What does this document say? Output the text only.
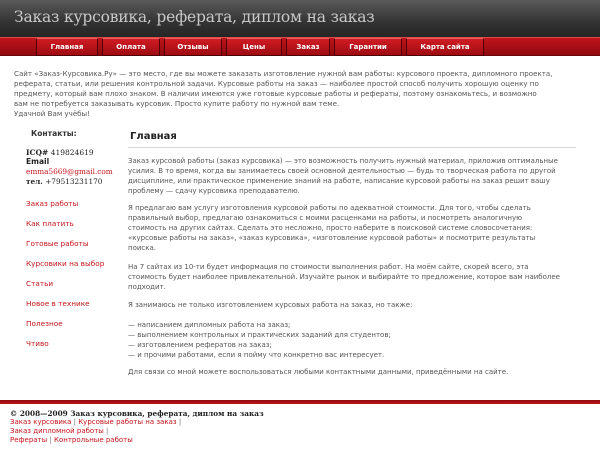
Заказ курсовика, реферата, диплом на заказ
Главная	Оплата	Отзывы	Цены	Заказ	Гарантии	Карта сайта
Сайт «Заказ-Курсовика.Ру» — это место, где вы можете заказать изготовление нужной вам работы: курсового проекта, дипломного проекта,
реферата, статьи, или решения контрольной задачи. Курсовые работы на заказ — наиболее простой способ получить хорошую оценку по
предмету, который вам плохо знаком. В наличии имеются уже готовые курсовые работы и рефераты, поэтому ознакомьтесь, и возможно
вам не потребуется заказывать курсовик. Просто купите работу по нужной вам теме.
Удачной Вам учёбы!
Контакты:
ICQ# 419824619
Email
emma5669@gmail.com
тел. +79513231170
Заказ работы
Как платить
Готовые работы
Курсовики на выбор
Статьи
Новое в технике
Полезное
Чтиво
Главная
Заказ курсовой работы (заказ курсовика) — это возможность получить нужный материал, приложив оптимальные
усилия. В то время, когда вы занимаетесь своей основной деятельностью — будь то творческая работа по другой
дисциплине, или практическое применение знаний на работе, написание курсовой работы на заказ решит вашу
проблему — сдачу курсовика преподавателю.
Я предлагаю вам услугу изготовления курсовой работы по адекватной стоимости. Для того, чтобы сделать
правильный выбор, предлагаю ознакомиться с моими расценками на работы, и посмотреть аналогичную
стоимость на других сайтах. Сделать это несложно, просто наберите в поисковой системе словосочетания:
«курсовые работы на заказ», «заказ курсовика», «изготовление курсовой работы» и посмотрите результаты
поиска.
На 7 сайтах из 10-ти будет информация по стоимости выполнения работ. На моём сайте, скорей всего, эта
стоимость будет наиболее привлекательной. Изучайте рынок и выбирайте то предложение, которое вам наиболее
подходит.
Я занимаюсь не только изготовлением курсовых работа на заказ, но также:
— написанием дипломных работа на заказ;
— выполнением контрольных и практических заданий для студентов;
— изготовлением рефератов на заказ;
— и прочими работами, если я пойму что конкретно вас интересует.
Для связи со мной можете воспользоваться любыми контактными данными, приведёнными на сайте.
© 2008—2009 Заказ курсовика, реферата, диплом на заказ
Заказ курсовика | Курсовые работы на заказ | Заказ дипломной работы |
Рефераты | Контрольные работы
